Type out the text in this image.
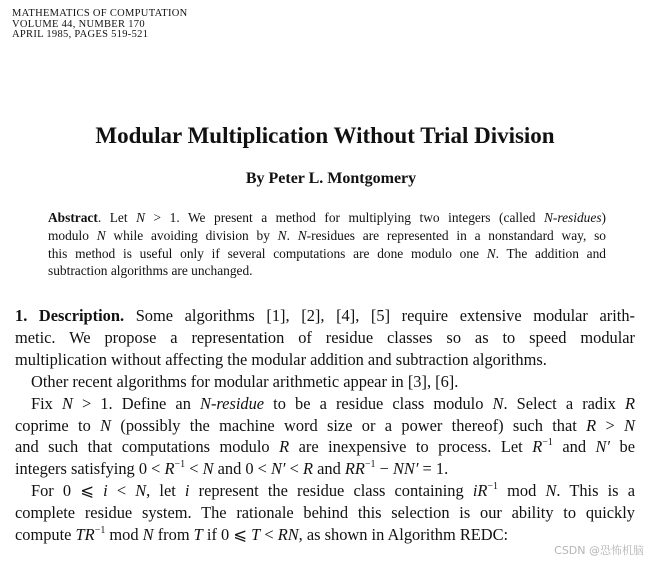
MATHEMATICS OF COMPUTATION
VOLUME 44, NUMBER 170
APRIL 1985, PAGES 519-521
Modular Multiplication Without Trial Division
By Peter L. Montgomery
Abstract. Let N > 1. We present a method for multiplying two integers (called N-residues)
modulo N while avoiding division by N. N-residues are represented in a nonstandard way, so
this method is useful only if several computations are done modulo one N. The addition and
subtraction algorithms are unchanged.
1. Description. Some algorithms [1], [2], [4], [5] require extensive modular arith-
metic. We propose a representation of residue classes so as to speed modular
multiplication without affecting the modular addition and subtraction algorithms.
Other recent algorithms for modular arithmetic appear in [3], [6].
Fix N > 1. Define an N-residue to be a residue class modulo N. Select a radix R
coprime to N (possibly the machine word size or a power thereof) such that R > N
and such that computations modulo R are inexpensive to process. Let $R^{-1}$ and N′ be
integers satisfying $0 < R^{-1} < N$ and 0 < N′ < R and $RR^{-1} - NN' = 1$.
For 0 ⩽ i < N, let i represent the residue class containing $iR^{-1}$ mod N. This is a
complete residue system. The rationale behind this selection is our ability to quickly
compute $TR^{-1}$ mod N from T if 0 ⩽ T < RN, as shown in Algorithm REDC:
CSDN @恐怖机脑
